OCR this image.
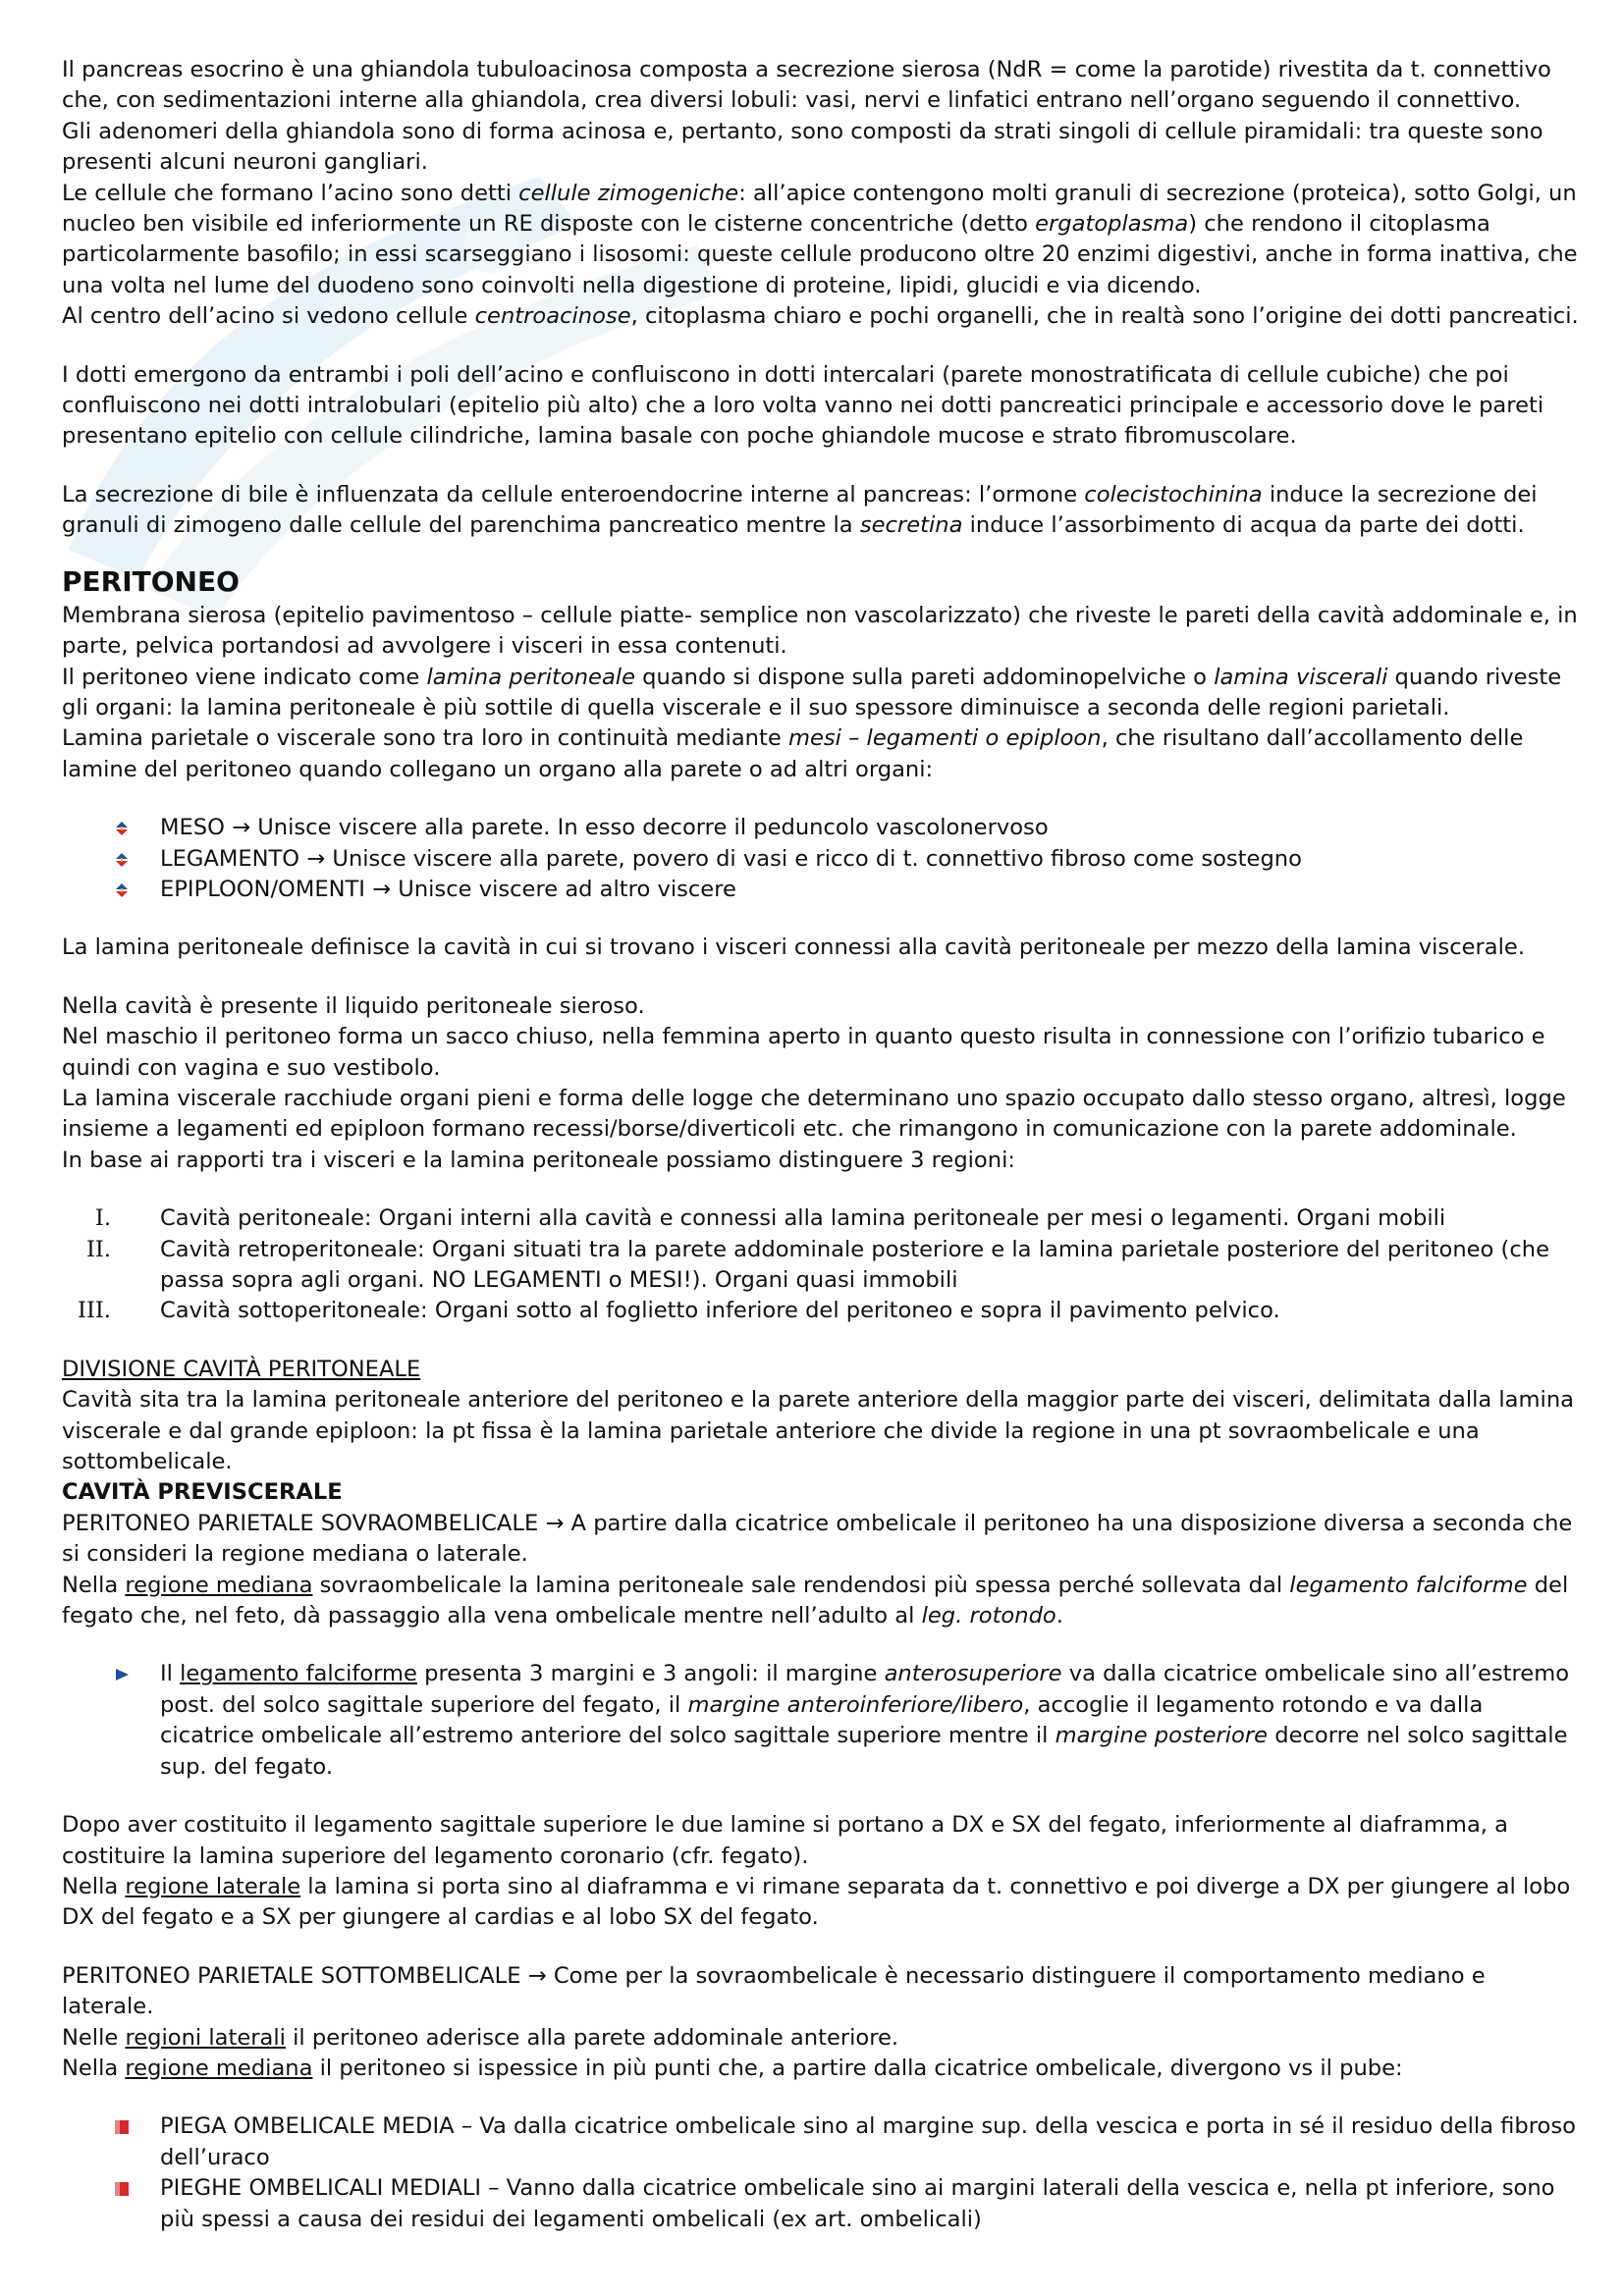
Il pancreas esocrino è una ghiandola tubuloacinosa composta a secrezione sierosa (NdR = come la parotide) rivestita da t. connettivo che, con sedimentazioni interne alla ghiandola, crea diversi lobuli: vasi, nervi e linfatici entrano nell’organo seguendo il connettivo.

Gli adenomeri della ghiandola sono di forma acinosa e, pertanto, sono composti da strati singoli di cellule piramidali: tra queste sono presenti alcuni neuroni gangliari.

Le cellule che formano l’acino sono detti cellule zimogeniche: all’apice contengono molti granuli di secrezione (proteica), sotto Golgi, un nucleo ben visibile ed inferiormente un RE disposte con le cisterne concentriche (detto ergatoplasma) che rendono il citoplasma particolarmente basofilo; in essi scarseggiano i lisosomi: queste cellule producono oltre 20 enzimi digestivi, anche in forma inattiva, che una volta nel lume del duodeno sono coinvolti nella digestione di proteine, lipidi, glucidi e via dicendo.

Al centro dell’acino si vedono cellule centroacinose, citoplasma chiaro e pochi organelli, che in realtà sono l’origine dei dotti pancreatici.

I dotti emergono da entrambi i poli dell’acino e confluiscono in dotti intercalari (parete monostratificata di cellule cubiche) che poi confluiscono nei dotti intralobulari (epitelio più alto) che a loro volta vanno nei dotti pancreatici principale e accessorio dove le pareti presentano epitelio con cellule cilindriche, lamina basale con poche ghiandole mucose e strato fibromuscolare.

La secrezione di bile è influenzata da cellule enteroendocrine interne al pancreas: l’ormone colecistochinina induce la secrezione dei granuli di zimogeno dalle cellule del parenchima pancreatico mentre la secretina induce l’assorbimento di acqua da parte dei dotti.

PERITONEO

Membrana sierosa (epitelio pavimentoso – cellule piatte- semplice non vascolarizzato) che riveste le pareti della cavità addominale e, in parte, pelvica portandosi ad avvolgere i visceri in essa contenuti.

Il peritoneo viene indicato come lamina peritoneale quando si dispone sulla pareti addominopelviche o lamina viscerali quando riveste gli organi: la lamina peritoneale è più sottile di quella viscerale e il suo spessore diminuisce a seconda delle regioni parietali.

Lamina parietale o viscerale sono tra loro in continuità mediante mesi – legamenti o epiploon, che risultano dall’accollamento delle lamine del peritoneo quando collegano un organo alla parete o ad altri organi:

MESO → Unisce viscere alla parete. In esso decorre il peduncolo vascolonervoso
LEGAMENTO → Unisce viscere alla parete, povero di vasi e ricco di t. connettivo fibroso come sostegno
EPIPLOON/OMENTI → Unisce viscere ad altro viscere

La lamina peritoneale definisce la cavità in cui si trovano i visceri connessi alla cavità peritoneale per mezzo della lamina viscerale.

Nella cavità è presente il liquido peritoneale sieroso.

Nel maschio il peritoneo forma un sacco chiuso, nella femmina aperto in quanto questo risulta in connessione con l’orifizio tubarico e quindi con vagina e suo vestibolo.

La lamina viscerale racchiude organi pieni e forma delle logge che determinano uno spazio occupato dallo stesso organo, altresì, logge insieme a legamenti ed epiploon formano recessi/borse/diverticoli etc. che rimangono in comunicazione con la parete addominale.

In base ai rapporti tra i visceri e la lamina peritoneale possiamo distinguere 3 regioni:

I. Cavità peritoneale: Organi interni alla cavità e connessi alla lamina peritoneale per mesi o legamenti. Organi mobili
II. Cavità retroperitoneale: Organi situati tra la parete addominale posteriore e la lamina parietale posteriore del peritoneo (che passa sopra agli organi. NO LEGAMENTI o MESI!). Organi quasi immobili
III. Cavità sottoperitoneale: Organi sotto al foglietto inferiore del peritoneo e sopra il pavimento pelvico.

DIVISIONE CAVITÀ PERITONEALE

Cavità sita tra la lamina peritoneale anteriore del peritoneo e la parete anteriore della maggior parte dei visceri, delimitata dalla lamina viscerale e dal grande epiploon: la pt fissa è la lamina parietale anteriore che divide la regione in una pt sovraombelicale e una sottombelicale.

CAVITÀ PREVISCERALE

PERITONEO PARIETALE SOVRAOMBELICALE → A partire dalla cicatrice ombelicale il peritoneo ha una disposizione diversa a seconda che si consideri la regione mediana o laterale.

Nella regione mediana sovraombelicale la lamina peritoneale sale rendendosi più spessa perché sollevata dal legamento falciforme del fegato che, nel feto, dà passaggio alla vena ombelicale mentre nell’adulto al leg. rotondo.

Il legamento falciforme presenta 3 margini e 3 angoli: il margine anterosuperiore va dalla cicatrice ombelicale sino all’estremo post. del solco sagittale superiore del fegato, il margine anteroinferiore/libero, accoglie il legamento rotondo e va dalla cicatrice ombelicale all’estremo anteriore del solco sagittale superiore mentre il margine posteriore decorre nel solco sagittale sup. del fegato.

Dopo aver costituito il legamento sagittale superiore le due lamine si portano a DX e SX del fegato, inferiormente al diaframma, a costituire la lamina superiore del legamento coronario (cfr. fegato).

Nella regione laterale la lamina si porta sino al diaframma e vi rimane separata da t. connettivo e poi diverge a DX per giungere al lobo DX del fegato e a SX per giungere al cardias e al lobo SX del fegato.

PERITONEO PARIETALE SOTTOMBELICALE → Come per la sovraombelicale è necessario distinguere il comportamento mediano e laterale.

Nelle regioni laterali il peritoneo aderisce alla parete addominale anteriore.

Nella regione mediana il peritoneo si ispessice in più punti che, a partire dalla cicatrice ombelicale, divergono vs il pube:

PIEGA OMBELICALE MEDIA – Va dalla cicatrice ombelicale sino al margine sup. della vescica e porta in sé il residuo della fibroso dell’uraco
PIEGHE OMBELICALI MEDIALI – Vanno dalla cicatrice ombelicale sino ai margini laterali della vescica e, nella pt inferiore, sono più spessi a causa dei residui dei legamenti ombelicali (ex art. ombelicali)
